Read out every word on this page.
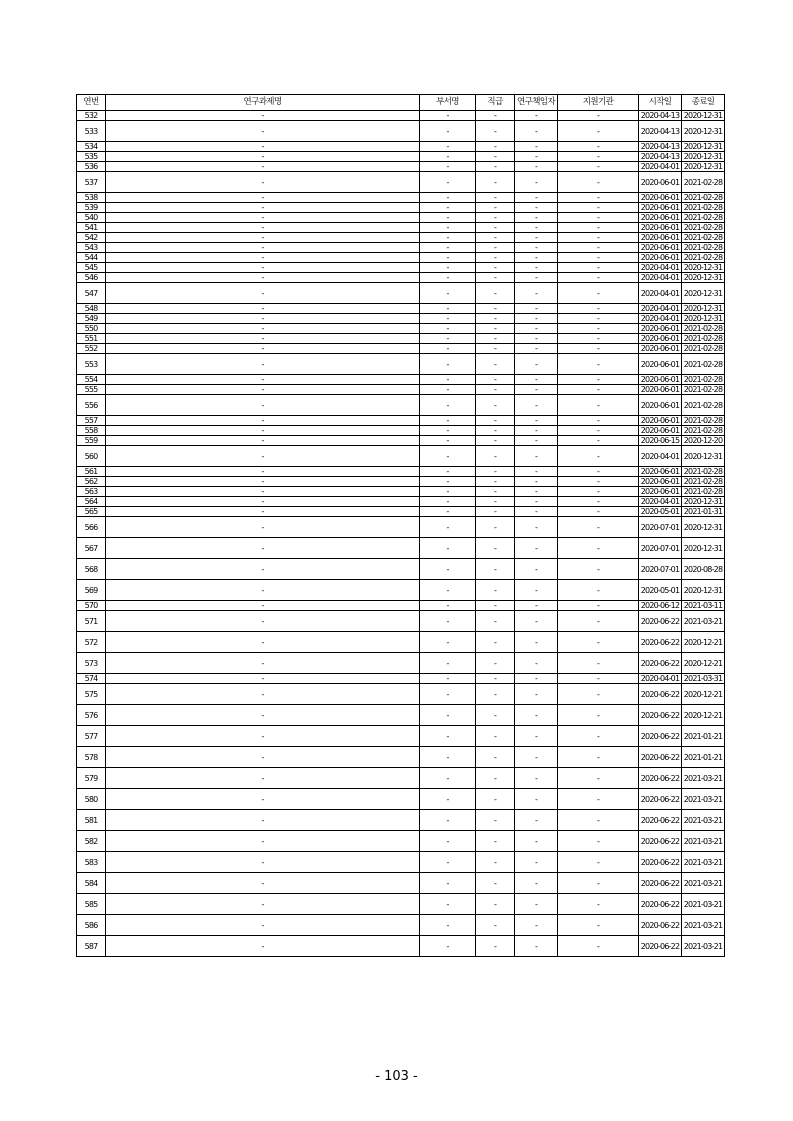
연번	연구과제명	부서명	직급	연구책임자	지원기관	시작일	종료일
532	-	-	-	-	-	2020-04-13	2020-12-31
533	-	-	-	-	-	2020-04-13	2020-12-31
534	-	-	-	-	-	2020-04-13	2020-12-31
535	-	-	-	-	-	2020-04-13	2020-12-31
536	-	-	-	-	-	2020-04-01	2020-12-31
537	-	-	-	-	-	2020-06-01	2021-02-28
538	-	-	-	-	-	2020-06-01	2021-02-28
539	-	-	-	-	-	2020-06-01	2021-02-28
540	-	-	-	-	-	2020-06-01	2021-02-28
541	-	-	-	-	-	2020-06-01	2021-02-28
542	-	-	-	-	-	2020-06-01	2021-02-28
543	-	-	-	-	-	2020-06-01	2021-02-28
544	-	-	-	-	-	2020-06-01	2021-02-28
545	-	-	-	-	-	2020-04-01	2020-12-31
546	-	-	-	-	-	2020-04-01	2020-12-31
547	-	-	-	-	-	2020-04-01	2020-12-31
548	-	-	-	-	-	2020-04-01	2020-12-31
549	-	-	-	-	-	2020-04-01	2020-12-31
550	-	-	-	-	-	2020-06-01	2021-02-28
551	-	-	-	-	-	2020-06-01	2021-02-28
552	-	-	-	-	-	2020-06-01	2021-02-28
553	-	-	-	-	-	2020-06-01	2021-02-28
554	-	-	-	-	-	2020-06-01	2021-02-28
555	-	-	-	-	-	2020-06-01	2021-02-28
556	-	-	-	-	-	2020-06-01	2021-02-28
557	-	-	-	-	-	2020-06-01	2021-02-28
558	-	-	-	-	-	2020-06-01	2021-02-28
559	-	-	-	-	-	2020-06-15	2020-12-20
560	-	-	-	-	-	2020-04-01	2020-12-31
561	-	-	-	-	-	2020-06-01	2021-02-28
562	-	-	-	-	-	2020-06-01	2021-02-28
563	-	-	-	-	-	2020-06-01	2021-02-28
564	-	-	-	-	-	2020-04-01	2020-12-31
565	-	-	-	-	-	2020-05-01	2021-01-31
566	-	-	-	-	-	2020-07-01	2020-12-31
567	-	-	-	-	-	2020-07-01	2020-12-31
568	-	-	-	-	-	2020-07-01	2020-08-28
569	-	-	-	-	-	2020-05-01	2020-12-31
570	-	-	-	-	-	2020-06-12	2021-03-11
571	-	-	-	-	-	2020-06-22	2021-03-21
572	-	-	-	-	-	2020-06-22	2020-12-21
573	-	-	-	-	-	2020-06-22	2020-12-21
574	-	-	-	-	-	2020-04-01	2021-03-31
575	-	-	-	-	-	2020-06-22	2020-12-21
576	-	-	-	-	-	2020-06-22	2020-12-21
577	-	-	-	-	-	2020-06-22	2021-01-21
578	-	-	-	-	-	2020-06-22	2021-01-21
579	-	-	-	-	-	2020-06-22	2021-03-21
580	-	-	-	-	-	2020-06-22	2021-03-21
581	-	-	-	-	-	2020-06-22	2021-03-21
582	-	-	-	-	-	2020-06-22	2021-03-21
583	-	-	-	-	-	2020-06-22	2021-03-21
584	-	-	-	-	-	2020-06-22	2021-03-21
585	-	-	-	-	-	2020-06-22	2021-03-21
586	-	-	-	-	-	2020-06-22	2021-03-21
587	-	-	-	-	-	2020-06-22	2021-03-21
- 103 -
